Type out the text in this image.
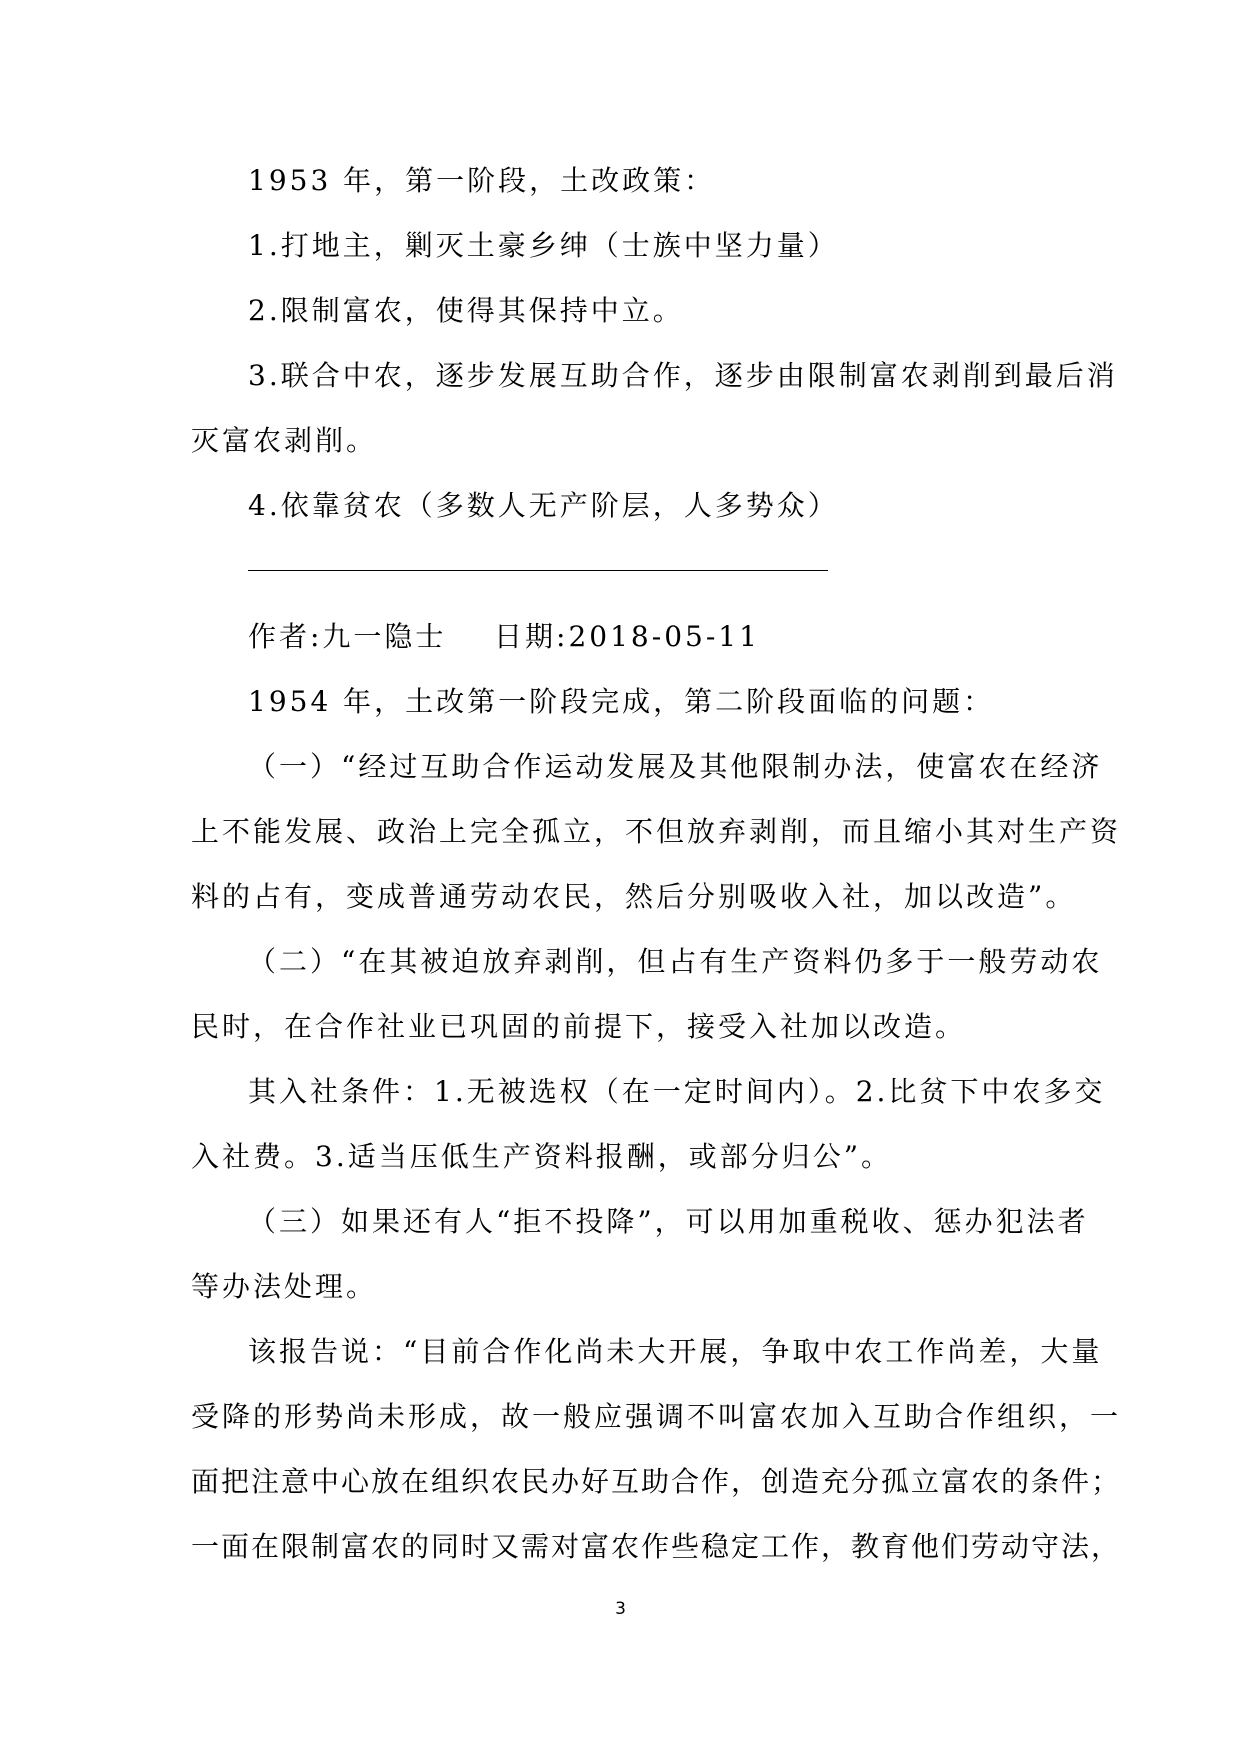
1953 年，第一阶段，土改政策：
1.打地主，剿灭土豪乡绅（士族中坚力量）
2.限制富农，使得其保持中立。
3.联合中农，逐步发展互助合作，逐步由限制富农剥削到最后消
灭富农剥削。
4.依靠贫农（多数人无产阶层，人多势众）
作者:九一隐士    日期:2018-05-11
1954 年，土改第一阶段完成，第二阶段面临的问题：
（一）“经过互助合作运动发展及其他限制办法，使富农在经济
上不能发展、政治上完全孤立，不但放弃剥削，而且缩小其对生产资
料的占有，变成普通劳动农民，然后分别吸收入社，加以改造”。
（二）“在其被迫放弃剥削，但占有生产资料仍多于一般劳动农
民时，在合作社业已巩固的前提下，接受入社加以改造。
其入社条件：1.无被选权（在一定时间内）。2.比贫下中农多交
入社费。3.适当压低生产资料报酬，或部分归公”。
（三）如果还有人“拒不投降”，可以用加重税收、惩办犯法者
等办法处理。
该报告说：“目前合作化尚未大开展，争取中农工作尚差，大量
受降的形势尚未形成，故一般应强调不叫富农加入互助合作组织，一
面把注意中心放在组织农民办好互助合作，创造充分孤立富农的条件；
一面在限制富农的同时又需对富农作些稳定工作，教育他们劳动守法，
3
